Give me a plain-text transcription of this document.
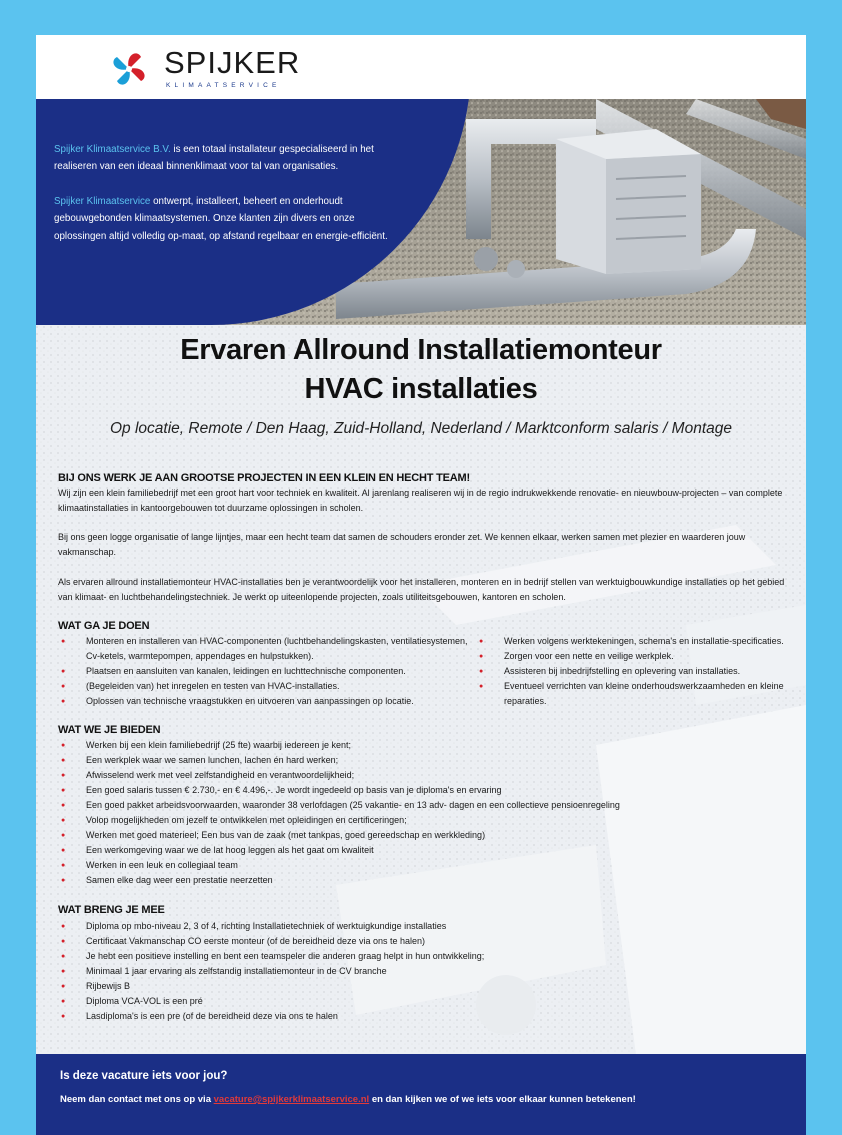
SPIJKER
KLIMAATSERVICE

Spijker Klimaatservice B.V. is een totaal installateur gespecialiseerd in het realiseren van een ideaal binnenklimaat voor tal van organisaties.

Spijker Klimaatservice ontwerpt, installeert, beheert en onderhoudt gebouwgebonden klimaatsystemen. Onze klanten zijn divers en onze oplossingen altijd volledig op-maat, op afstand regelbaar en energie-efficiënt.

Ervaren Allround Installatiemonteur
HVAC installaties
Op locatie, Remote / Den Haag, Zuid-Holland, Nederland / Marktconform salaris / Montage
BIJ ONS WERK JE AAN GROOTSE PROJECTEN IN EEN KLEIN EN HECHT TEAM!
Wij zijn een klein familiebedrijf met een groot hart voor techniek en kwaliteit. Al jarenlang realiseren wij in de regio indrukwekkende renovatie- en nieuwbouw-projecten – van complete klimaatinstallaties in kantoorgebouwen tot duurzame oplossingen in scholen.
Bij ons geen logge organisatie of lange lijntjes, maar een hecht team dat samen de schouders eronder zet. We kennen elkaar, werken samen met plezier en waarderen jouw vakmanschap.
Als ervaren allround installatiemonteur HVAC-installaties ben je verantwoordelijk voor het installeren, monteren en in bedrijf stellen van werktuigbouwkundige installaties op het gebied van klimaat- en luchtbehandelingstechniek. Je werkt op uiteenlopende projecten, zoals utiliteitsgebouwen, kantoren en scholen.
WAT GA JE DOEN
● Monteren en installeren van HVAC-componenten (luchtbehandelingskasten, ventilatiesystemen, Cv-ketels, warmtepompen, appendages en hulpstukken).
● Plaatsen en aansluiten van kanalen, leidingen en luchttechnische componenten.
● (Begeleiden van) het inregelen en testen van HVAC-installaties.
● Oplossen van technische vraagstukken en uitvoeren van aanpassingen op locatie.
● Werken volgens werktekeningen, schema's en installatie-specificaties.
● Zorgen voor een nette en veilige werkplek.
● Assisteren bij inbedrijfstelling en oplevering van installaties.
● Eventueel verrichten van kleine onderhoudswerkzaamheden en kleine reparaties.
WAT WE JE BIEDEN
● Werken bij een klein familiebedrijf (25 fte) waarbij iedereen je kent;
● Een werkplek waar we samen lunchen, lachen én hard werken;
● Afwisselend werk met veel zelfstandigheid en verantwoordelijkheid;
● Een goed salaris tussen € 2.730,- en € 4.496,-. Je wordt ingedeeld op basis van je diploma's en ervaring
● Een goed pakket arbeidsvoorwaarden, waaronder 38 verlofdagen (25 vakantie- en 13 adv- dagen en een collectieve pensioenregeling
● Volop mogelijkheden om jezelf te ontwikkelen met opleidingen en certificeringen;
● Werken met goed materieel; Een bus van de zaak (met tankpas, goed gereedschap en werkkleding)
● Een werkomgeving waar we de lat hoog leggen als het gaat om kwaliteit
● Werken in een leuk en collegiaal team
● Samen elke dag weer een prestatie neerzetten
WAT BRENG JE MEE
● Diploma op mbo-niveau 2, 3 of 4, richting Installatietechniek of werktuigkundige installaties
● Certificaat Vakmanschap CO eerste monteur (of de bereidheid deze via ons te halen)
● Je hebt een positieve instelling en bent een teamspeler die anderen graag helpt in hun ontwikkeling;
● Minimaal 1 jaar ervaring als zelfstandig installatiemonteur in de CV branche
● Rijbewijs B
● Diploma VCA-VOL is een pré
● Lasdiploma's is een pre (of de bereidheid deze via ons te halen
Is deze vacature iets voor jou?
Neem dan contact met ons op via vacature@spijkerklimaatservice.nl en dan kijken we of we iets voor elkaar kunnen betekenen!
